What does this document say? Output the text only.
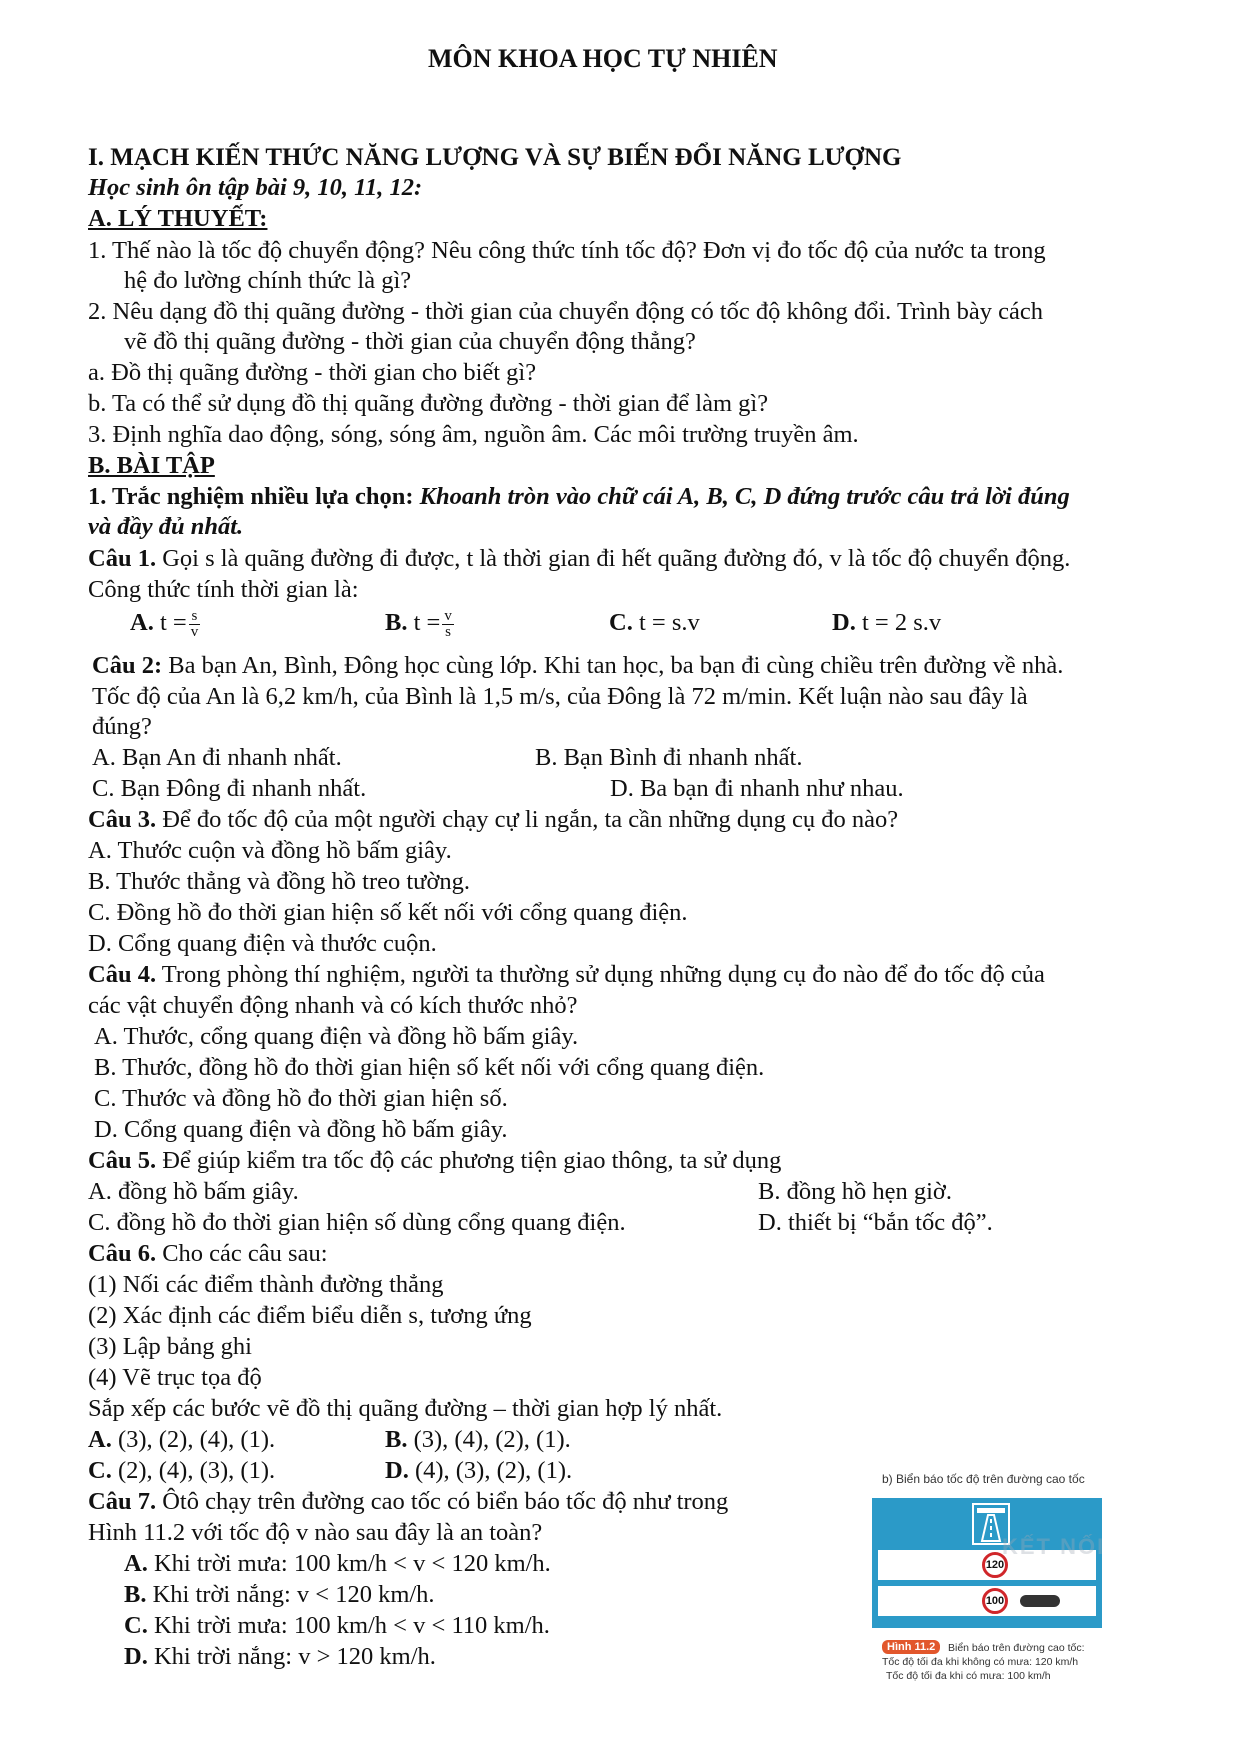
MÔN KHOA HỌC TỰ NHIÊN
I. MẠCH KIẾN THỨC NĂNG LƯỢNG VÀ SỰ BIẾN ĐỔI NĂNG LƯỢNG
Học sinh ôn tập bài 9, 10, 11, 12:
A. LÝ THUYẾT:
1. Thế nào là tốc độ chuyển động? Nêu công thức tính tốc độ? Đơn vị đo tốc độ của nước ta trong
hệ đo lường chính thức là gì?
2. Nêu dạng đồ thị quãng đường - thời gian của chuyển động có tốc độ không đổi. Trình bày cách
vẽ đồ thị quãng đường - thời gian của chuyển động thẳng?
a. Đồ thị quãng đường - thời gian cho biết gì?
b. Ta có thể sử dụng đồ thị quãng đường đường - thời gian để làm gì?
3. Định nghĩa dao động, sóng, sóng âm, nguồn âm. Các môi trường truyền âm.
B. BÀI TẬP
1. Trắc nghiệm nhiều lựa chọn: Khoanh tròn vào chữ cái A, B, C, D đứng trước câu trả lời đúng
và đầy đủ nhất.
Câu 1. Gọi s là quãng đường đi được, t là thời gian đi hết quãng đường đó, v là tốc độ chuyển động.
Công thức tính thời gian là:
A. $t = \frac{s}{v}$	B. $t = \frac{v}{s}$	C. t = s.v	D. t = 2 s.v
Câu 2: Ba bạn An, Bình, Đông học cùng lớp. Khi tan học, ba bạn đi cùng chiều trên đường về nhà.
Tốc độ của An là 6,2 km/h, của Bình là 1,5 m/s, của Đông là 72 m/min. Kết luận nào sau đây là
đúng?
A. Bạn An đi nhanh nhất.	B. Bạn Bình đi nhanh nhất.
C. Bạn Đông đi nhanh nhất.	D. Ba bạn đi nhanh như nhau.
Câu 3. Để đo tốc độ của một người chạy cự li ngắn, ta cần những dụng cụ đo nào?
A. Thước cuộn và đồng hồ bấm giây.
B. Thước thẳng và đồng hồ treo tường.
C. Đồng hồ đo thời gian hiện số kết nối với cổng quang điện.
D. Cổng quang điện và thước cuộn.
Câu 4. Trong phòng thí nghiệm, người ta thường sử dụng những dụng cụ đo nào để đo tốc độ của
các vật chuyển động nhanh và có kích thước nhỏ?
A. Thước, cổng quang điện và đồng hồ bấm giây.
B. Thước, đồng hồ đo thời gian hiện số kết nối với cổng quang điện.
C. Thước và đồng hồ đo thời gian hiện số.
D. Cổng quang điện và đồng hồ bấm giây.
Câu 5. Để giúp kiểm tra tốc độ các phương tiện giao thông, ta sử dụng
A. đồng hồ bấm giây.	B. đồng hồ hẹn giờ.
C. đồng hồ đo thời gian hiện số dùng cổng quang điện.	D. thiết bị “bắn tốc độ”.
Câu 6. Cho các câu sau:
(1) Nối các điểm thành đường thẳng
(2) Xác định các điểm biểu diễn s, tương ứng
(3) Lập bảng ghi
(4) Vẽ trục tọa độ
Sắp xếp các bước vẽ đồ thị quãng đường – thời gian hợp lý nhất.
A. (3), (2), (4), (1).	B. (3), (4), (2), (1).
C. (2), (4), (3), (1).	D. (4), (3), (2), (1).
Câu 7. Ôtô chạy trên đường cao tốc có biển báo tốc độ như trong
Hình 11.2 với tốc độ v nào sau đây là an toàn?
A. Khi trời mưa: 100 km/h < v < 120 km/h.
B. Khi trời nắng: v < 120 km/h.
C. Khi trời mưa: 100 km/h < v < 110 km/h.
D. Khi trời nắng: v > 120 km/h.
b) Biển báo tốc độ trên đường cao tốc
120
100
KẾT NỐI
Hình 11.2	Biển báo trên đường cao tốc:
Tốc độ tối đa khi không có mưa: 120 km/h
Tốc độ tối đa khi có mưa: 100 km/h
